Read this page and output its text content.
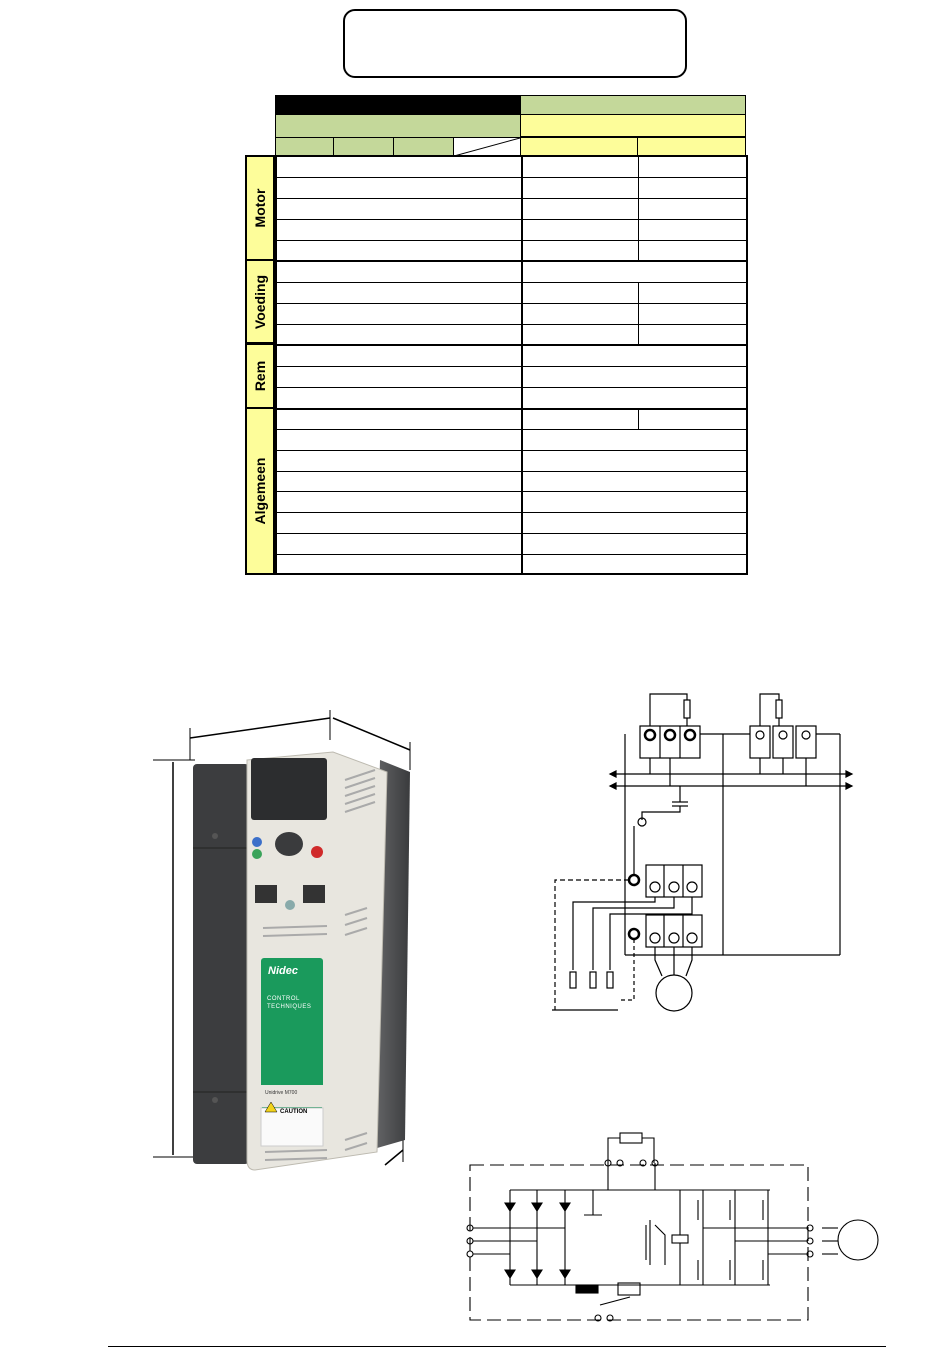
Motor
Voeding
Rem
Algemeen
Nidec
CONTROL
TECHNIQUES
Unidrive M700
CAUTION
